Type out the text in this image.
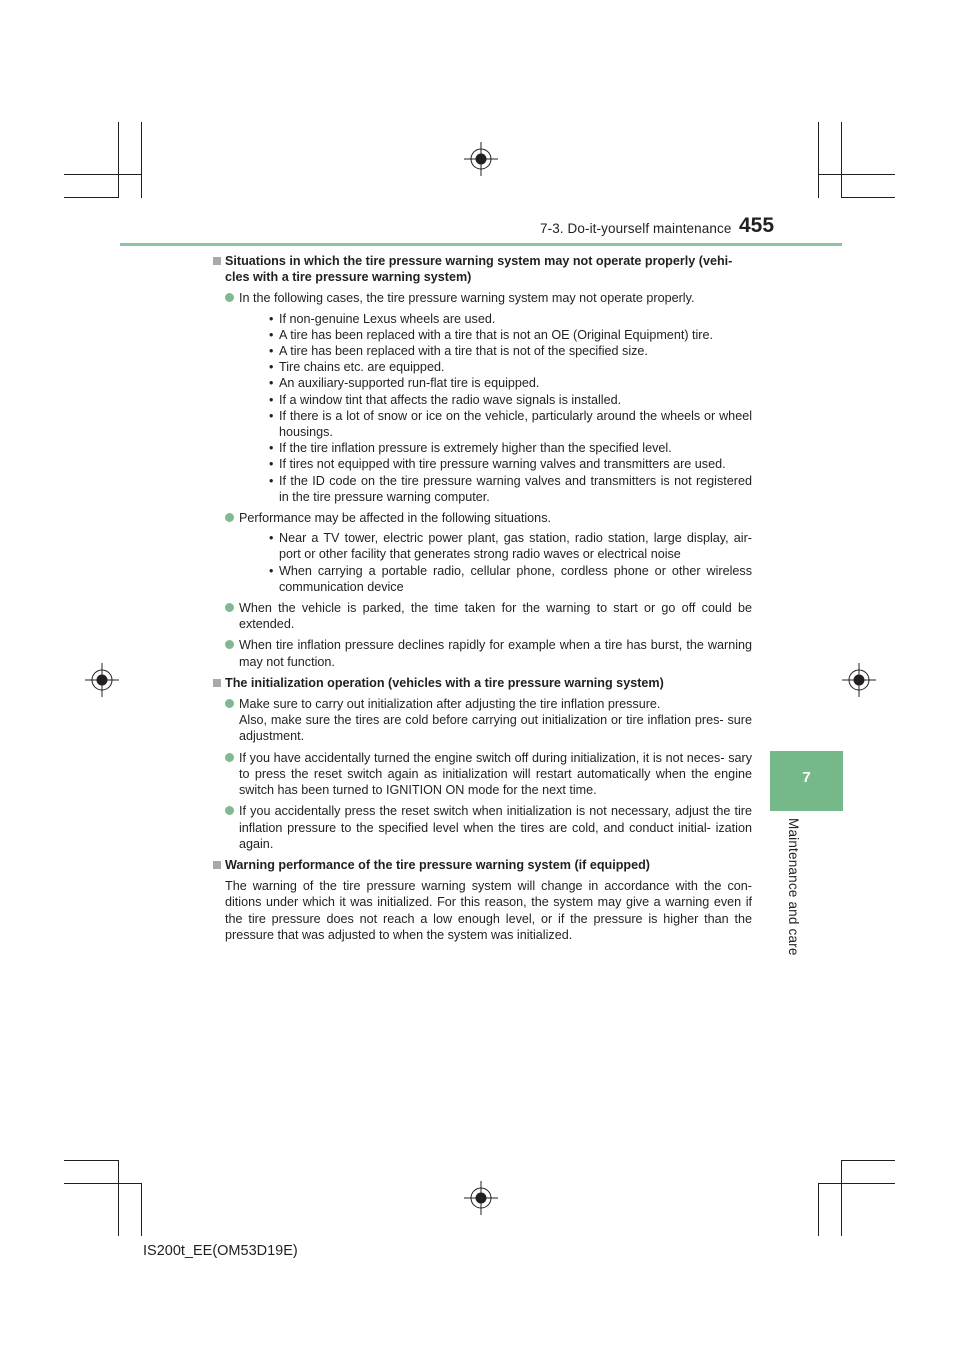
7-3. Do-it-yourself maintenance 455
7
Maintenance and care
Situations in which the tire pressure warning system may not operate properly (vehi- cles with a tire pressure warning system)
In the following cases, the tire pressure warning system may not operate properly.
• If non-genuine Lexus wheels are used.
• A tire has been replaced with a tire that is not an OE (Original Equipment) tire.
• A tire has been replaced with a tire that is not of the specified size.
• Tire chains etc. are equipped.
• An auxiliary-supported run-flat tire is equipped.
• If a window tint that affects the radio wave signals is installed.
• If there is a lot of snow or ice on the vehicle, particularly around the wheels or wheel housings.
• If the tire inflation pressure is extremely higher than the specified level.
• If tires not equipped with tire pressure warning valves and transmitters are used.
• If the ID code on the tire pressure warning valves and transmitters is not registered in the tire pressure warning computer.
Performance may be affected in the following situations.
• Near a TV tower, electric power plant, gas station, radio station, large display, air- port or other facility that generates strong radio waves or electrical noise
• When carrying a portable radio, cellular phone, cordless phone or other wireless communication device
When the vehicle is parked, the time taken for the warning to start or go off could be extended.
When tire inflation pressure declines rapidly for example when a tire has burst, the warning may not function.
The initialization operation (vehicles with a tire pressure warning system)
Make sure to carry out initialization after adjusting the tire inflation pressure.
Also, make sure the tires are cold before carrying out initialization or tire inflation pres- sure adjustment.
If you have accidentally turned the engine switch off during initialization, it is not neces- sary to press the reset switch again as initialization will restart automatically when the engine switch has been turned to IGNITION ON mode for the next time.
If you accidentally press the reset switch when initialization is not necessary, adjust the tire inflation pressure to the specified level when the tires are cold, and conduct initial- ization again.
Warning performance of the tire pressure warning system (if equipped)
The warning of the tire pressure warning system will change in accordance with the con- ditions under which it was initialized. For this reason, the system may give a warning even if the tire pressure does not reach a low enough level, or if the pressure is higher than the pressure that was adjusted to when the system was initialized.
IS200t_EE(OM53D19E)
